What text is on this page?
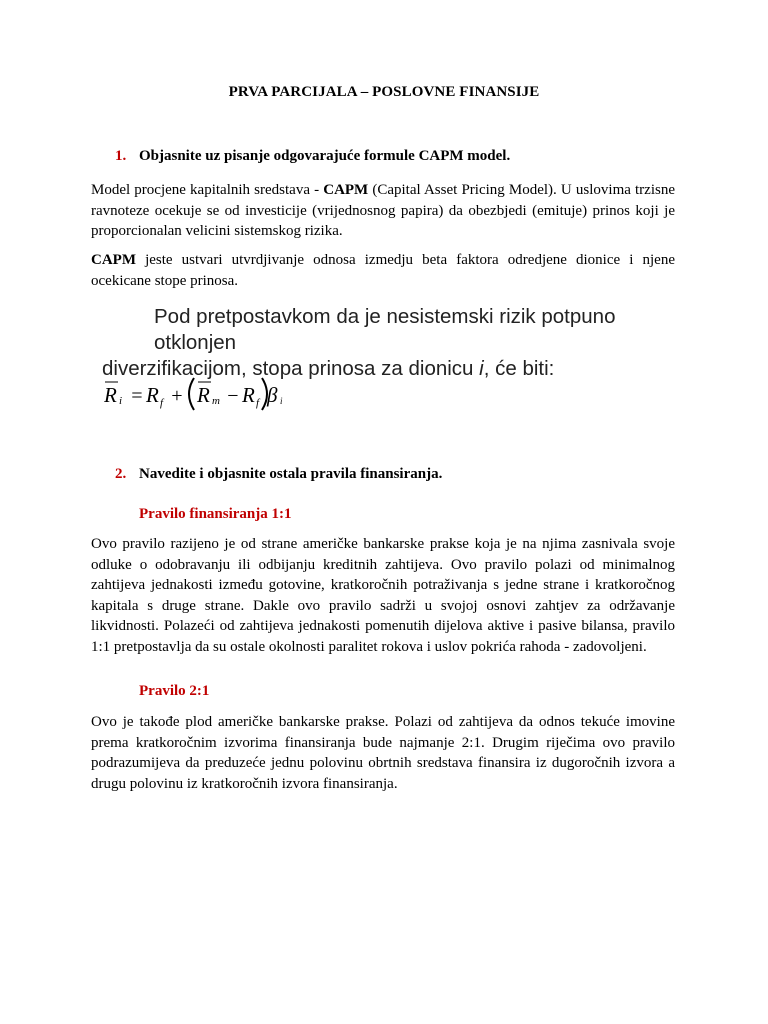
PRVA PARCIJALA – POSLOVNE FINANSIJE
1. Objasnite uz pisanje odgovarajuće formule CAPM model.
Model procjene kapitalnih sredstava - CAPM (Capital Asset Pricing Model). U uslovima trzisne ravnoteze ocekuje se od investicije (vrijednosnog papira) da obezbjedi (emituje) prinos koji je proporcionalan velicini sistemskog rizika.
CAPM jeste ustvari utvrdjivanje odnosa izmedju beta faktora odredjene dionice i njene ocekicane stope prinosa.
Pod pretpostavkom da je nesistemski rizik potpuno otklonjen
diverzifikacijom, stopa prinosa za dionicu i, će biti:
R i = R f + R m − R f β i
2. Navedite i objasnite ostala pravila finansiranja.
Pravilo finansiranja 1:1
Ovo pravilo razijeno je od strane američke bankarske prakse koja je na njima zasnivala svoje odluke o odobravanju ili odbijanju kreditnih zahtijeva. Ovo pravilo polazi od minimalnog zahtijeva jednakosti između gotovine, kratkoročnih potraživanja s jedne strane i kratkoročnog kapitala s druge strane. Dakle ovo pravilo sadrži u svojoj osnovi zahtjev za održavanje likvidnosti. Polazeći od zahtijeva jednakosti pomenutih dijelova aktive i pasive bilansa, pravilo 1:1 pretpostavlja da su ostale okolnosti paralitet rokova i uslov pokrića rahoda - zadovoljeni.
Pravilo 2:1
Ovo je takođe plod američke bankarske prakse. Polazi od zahtijeva da odnos tekuće imovine prema kratkoročnim izvorima finansiranja bude najmanje 2:1. Drugim riječima ovo pravilo podrazumijeva da preduzeće jednu polovinu obrtnih sredstava finansira iz dugoročnih izvora a drugu polovinu iz kratkoročnih izvora finansiranja.
